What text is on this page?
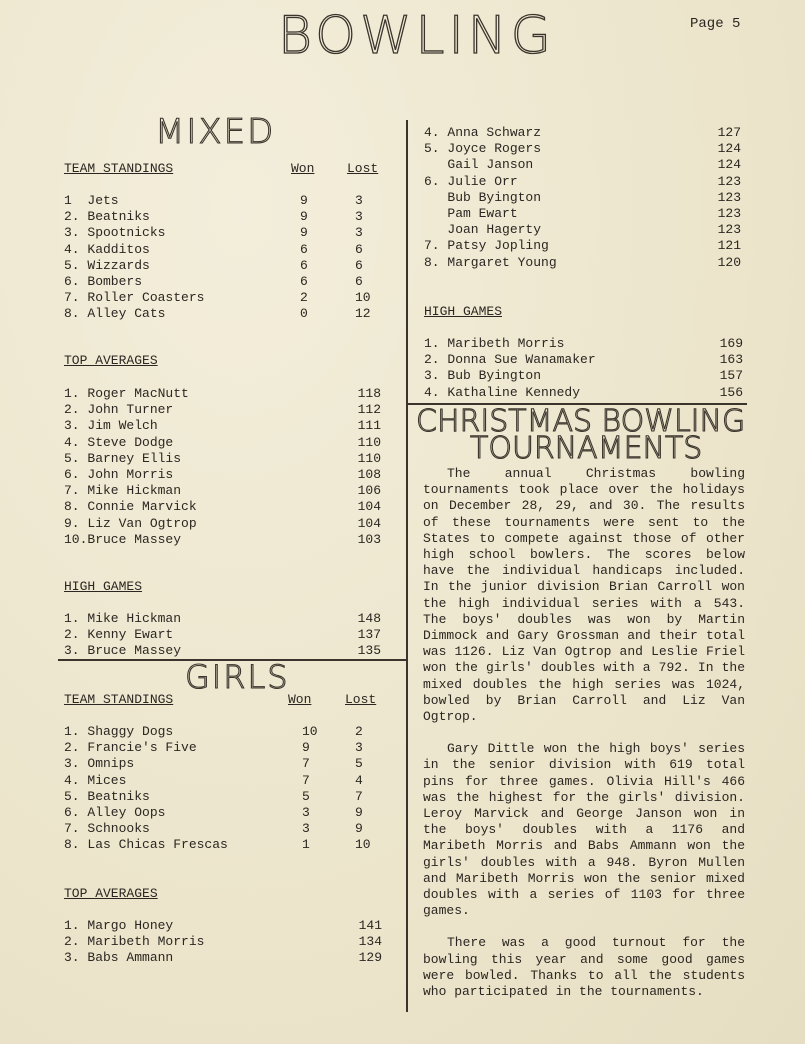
BOWLING	Page 5
MIXED
TEAM STANDINGS	Won	Lost
1  Jets	9	3
2. Beatniks	9	3
3. Spootnicks	9	3
4. Kadditos	6	6
5. Wizzards	6	6
6. Bombers	6	6
7. Roller Coasters	2	10
8. Alley Cats	0	12
TOP AVERAGES
1. Roger MacNutt	118
2. John Turner	112
3. Jim Welch	111
4. Steve Dodge	110
5. Barney Ellis	110
6. John Morris	108
7. Mike Hickman	106
8. Connie Marvick	104
9. Liz Van Ogtrop	104
10.Bruce Massey	103
HIGH GAMES
1. Mike Hickman	148
2. Kenny Ewart	137
3. Bruce Massey	135
GIRLS
TEAM STANDINGS	Won	Lost
1. Shaggy Dogs	10	2
2. Francie's Five	9	3
3. Omnips	7	5
4. Mices	7	4
5. Beatniks	5	7
6. Alley Oops	3	9
7. Schnooks	3	9
8. Las Chicas Frescas	1	10
TOP AVERAGES
1. Margo Honey	141
2. Maribeth Morris	134
3. Babs Ammann	129
4. Anna Schwarz	127
5. Joyce Rogers	124
Gail Janson	124
6. Julie Orr	123
Bub Byington	123
Pam Ewart	123
Joan Hagerty	123
7. Patsy Jopling	121
8. Margaret Young	120
HIGH GAMES
1. Maribeth Morris	169
2. Donna Sue Wanamaker	163
3. Bub Byington	157
4. Kathaline Kennedy	156
CHRISTMAS BOWLING
TOURNAMENTS

The annual Christmas bowling tournaments took place over the holidays on December 28, 29, and 30. The results of these tournaments were sent to the States to compete against those of other high school bowlers. The scores below have the individual handicaps included. In the junior division Brian Carroll won the high individual series with a 543. The boys' doubles was won by Martin Dimmock and Gary Grossman and their total was 1126. Liz Van Ogtrop and Leslie Friel won the girls' doubles with a 792. In the mixed doubles the high series was 1024, bowled by Brian Carroll and Liz Van Ogtrop.

Gary Dittle won the high boys' series in the senior division with 619 total pins for three games. Olivia Hill's 466 was the highest for the girls' division. Leroy Marvick and George Janson won in the boys' doubles with a 1176 and Maribeth Morris and Babs Ammann won the girls' doubles with a 948. Byron Mullen and Maribeth Morris won the senior mixed doubles with a series of 1103 for three games.

There was a good turnout for the bowling this year and some good games were bowled. Thanks to all the students who participated in the tournaments.
